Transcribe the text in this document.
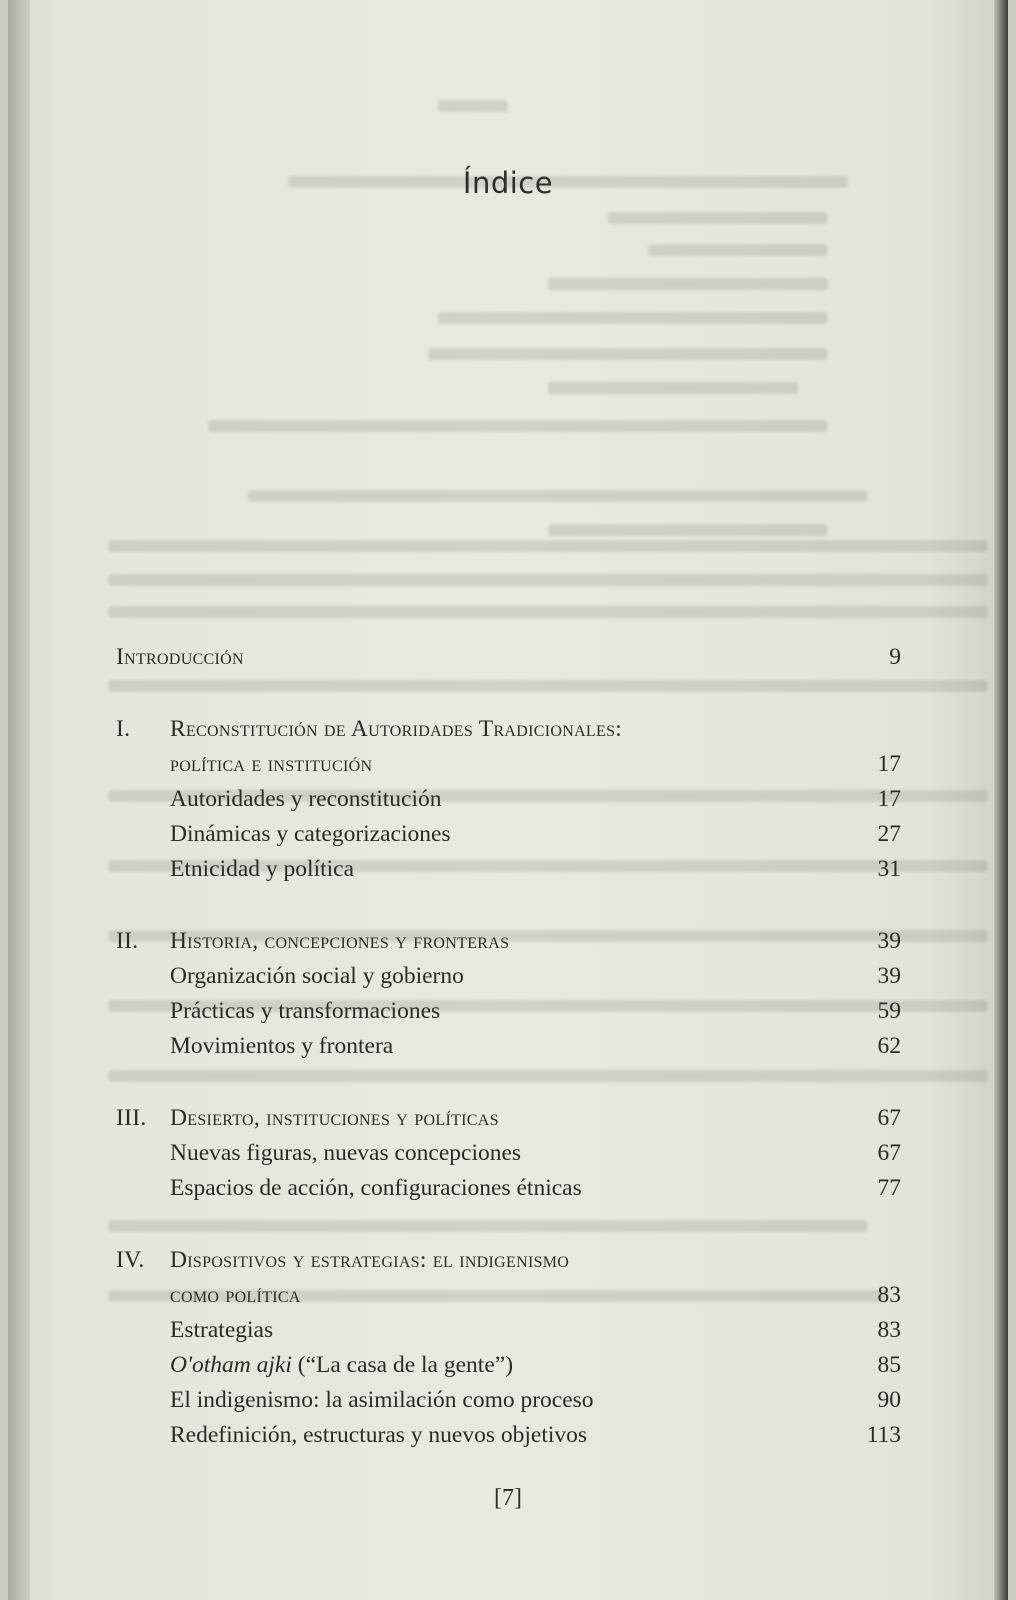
Índice
Introducción	9
I. Reconstitución de Autoridades Tradicionales:
política e institución	17
Autoridades y reconstitución	17
Dinámicas y categorizaciones	27
Etnicidad y política	31
II. Historia, concepciones y fronteras	39
Organización social y gobierno	39
Prácticas y transformaciones	59
Movimientos y frontera	62
III. Desierto, instituciones y políticas	67
Nuevas figuras, nuevas concepciones	67
Espacios de acción, configuraciones étnicas	77
IV. Dispositivos y estrategias: el indigenismo
como política	83
Estrategias	83
O'otham ajki (“La casa de la gente”)	85
El indigenismo: la asimilación como proceso	90
Redefinición, estructuras y nuevos objetivos	113
[7]
